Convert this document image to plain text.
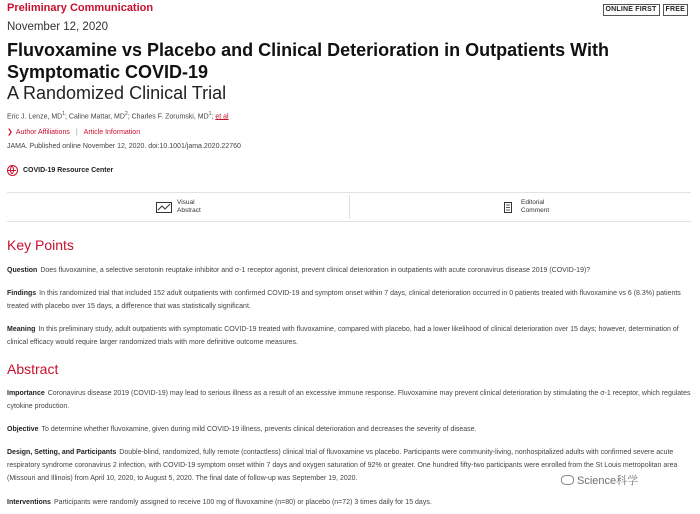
Preliminary Communication	ONLINE FIRST	FREE
November 12, 2020
Fluvoxamine vs Placebo and Clinical Deterioration in Outpatients With Symptomatic COVID-19
A Randomized Clinical Trial
Eric J. Lenze, $MD^1$; Caline Mattar, $MD^2$; Charles F. Zorumski, $MD^1$; et al
❯ Author Affiliations | Article Information
JAMA. Published online November 12, 2020. doi:10.1001/jama.2020.22760
COVID-19 Resource Center
Visual
Abstract
Editorial
Comment
Key Points
Question Does fluvoxamine, a selective serotonin reuptake inhibitor and σ-1 receptor agonist, prevent clinical deterioration in outpatients with acute coronavirus disease 2019 (COVID-19)?
Findings In this randomized trial that included 152 adult outpatients with confirmed COVID-19 and symptom onset within 7 days, clinical deterioration occurred in 0 patients treated with fluvoxamine vs 6 (8.3%) patients treated with placebo over 15 days, a difference that was statistically significant.
Meaning In this preliminary study, adult outpatients with symptomatic COVID-19 treated with fluvoxamine, compared with placebo, had a lower likelihood of clinical deterioration over 15 days; however, determination of clinical efficacy would require larger randomized trials with more definitive outcome measures.
Abstract
Importance Coronavirus disease 2019 (COVID-19) may lead to serious illness as a result of an excessive immune response. Fluvoxamine may prevent clinical deterioration by stimulating the σ-1 receptor, which regulates cytokine production.
Objective To determine whether fluvoxamine, given during mild COVID-19 illness, prevents clinical deterioration and decreases the severity of disease.
Design, Setting, and Participants Double-blind, randomized, fully remote (contactless) clinical trial of fluvoxamine vs placebo. Participants were community-living, nonhospitalized adults with confirmed severe acute respiratory syndrome coronavirus 2 infection, with COVID-19 symptom onset within 7 days and oxygen saturation of 92% or greater. One hundred fifty-two participants were enrolled from the St Louis metropolitan area (Missouri and Illinois) from April 10, 2020, to August 5, 2020. The final date of follow-up was September 19, 2020.
Interventions Participants were randomly assigned to receive 100 mg of fluvoxamine (n=80) or placebo (n=72) 3 times daily for 15 days.
Science科学
